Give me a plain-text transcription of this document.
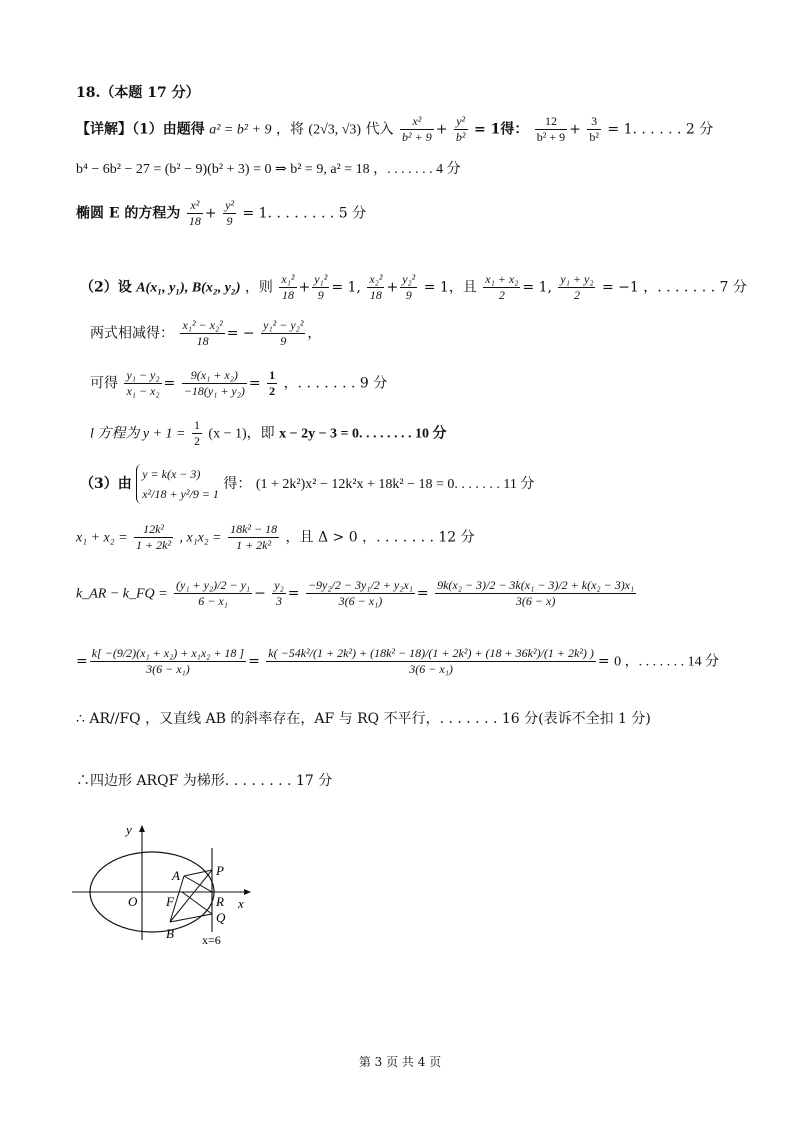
18.（本题 17 分）
【详解】（1）由题得 a² = b² + 9 ，将 (2√3, √3) 代入 $\frac{\text{x²}}{\text{b² + 9}} + \frac{\text{y²}}{\text{b²}} = 1$得： $\frac{12}{\text{b² + 9}} + \frac{3}{\text{b²}} = 1$. . . . . . 2 分
b⁴ − 6b² − 27 = (b² − 9)(b² + 3) = 0 ⇒ b² = 9, a² = 18 ，. . . . . . . 4 分
椭圆 E 的方程为 $\frac{\text{x²}}{18} + \frac{\text{y²}}{9} = 1$. . . . . . . . 5 分
（2）设 A(x₁, y₁), B(x₂, y₂) ，则 $\frac{\text{x₁²}}{18} + \frac{\text{y₁²}}{9} = 1$, $\frac{\text{x₂²}}{18} + \frac{\text{y₂²}}{9} = 1$，且 $\frac{\text{x₁ + x₂}}{2} = 1$, $\frac{\text{y₁ + y₂}}{2} = -1$ ，. . . . . . . 7 分
两式相减得： $\frac{\text{x₁² − x₂²}}{18}$ = − $\frac{\text{y₁² − y₂²}}{9}$ ，
可得 $\frac{\text{y₁ − y₂}}{\text{x₁ − x₂}} = \frac{\text{9(x₁ + x₂)}}{\text{−18(y₁ + y₂)}} = \frac{1}{2}$ ，. . . . . . . 9 分
l 方程为 $y + 1 = \frac{1}{2} (x - 1)$，即 x − 2y − 3 = 0. . . . . . . . 10 分
（3）由
y = k(x − 3)
x²/18 + y²/9 = 1
得： (1 + 2k²)x² − 12k²x + 18k² − 18 = 0. . . . . . . 11 分
$x_1 + x_2 = \frac{\text{12k²}}{\text{1 + 2k²}}$ , $x_1x_2 = \frac{\text{18k² − 18}}{\text{1 + 2k²}}$ ，且 Δ > 0 ，. . . . . . . 12 分
k_AR − k_FQ = $\frac{\text{(y₁ + y₂)/2 − y₁}}{\text{6 − x₁}} - \frac{\text{y₂}}{3} = \frac{\text{−9y₂/2 − 3y₁/2 + y₂x₁}}{\text{3(6 − x₁)}} = \frac{\text{9k(x₂ − 3)/2 − 3k(x₁ − 3)/2 + k(x₂ − 3)x₁}}{3(6 - x)}$
= $\frac{\text{k[ −(9/2)(x₁ + x₂) + x₁x₂ + 18 ]}}{\text{3(6 − x₁)}}$ =
k( −54k²/(1 + 2k²) + (18k² − 18)/(1 + 2k²) + (18 + 36k²)/(1 + 2k²) )
3(6 − x₁)	= 0 ，. . . . . . . 14 分
∴ AR//FQ ，又直线 AB 的斜率存在，AF 与 RQ 不平行，. . . . . . . 16 分(表诉不全扣 1 分)
∴四边形 ARQF 为梯形. . . . . . . . 17 分
y
x
O
A
F
B
P
R
Q
x=6
第 3 页 共 4 页
